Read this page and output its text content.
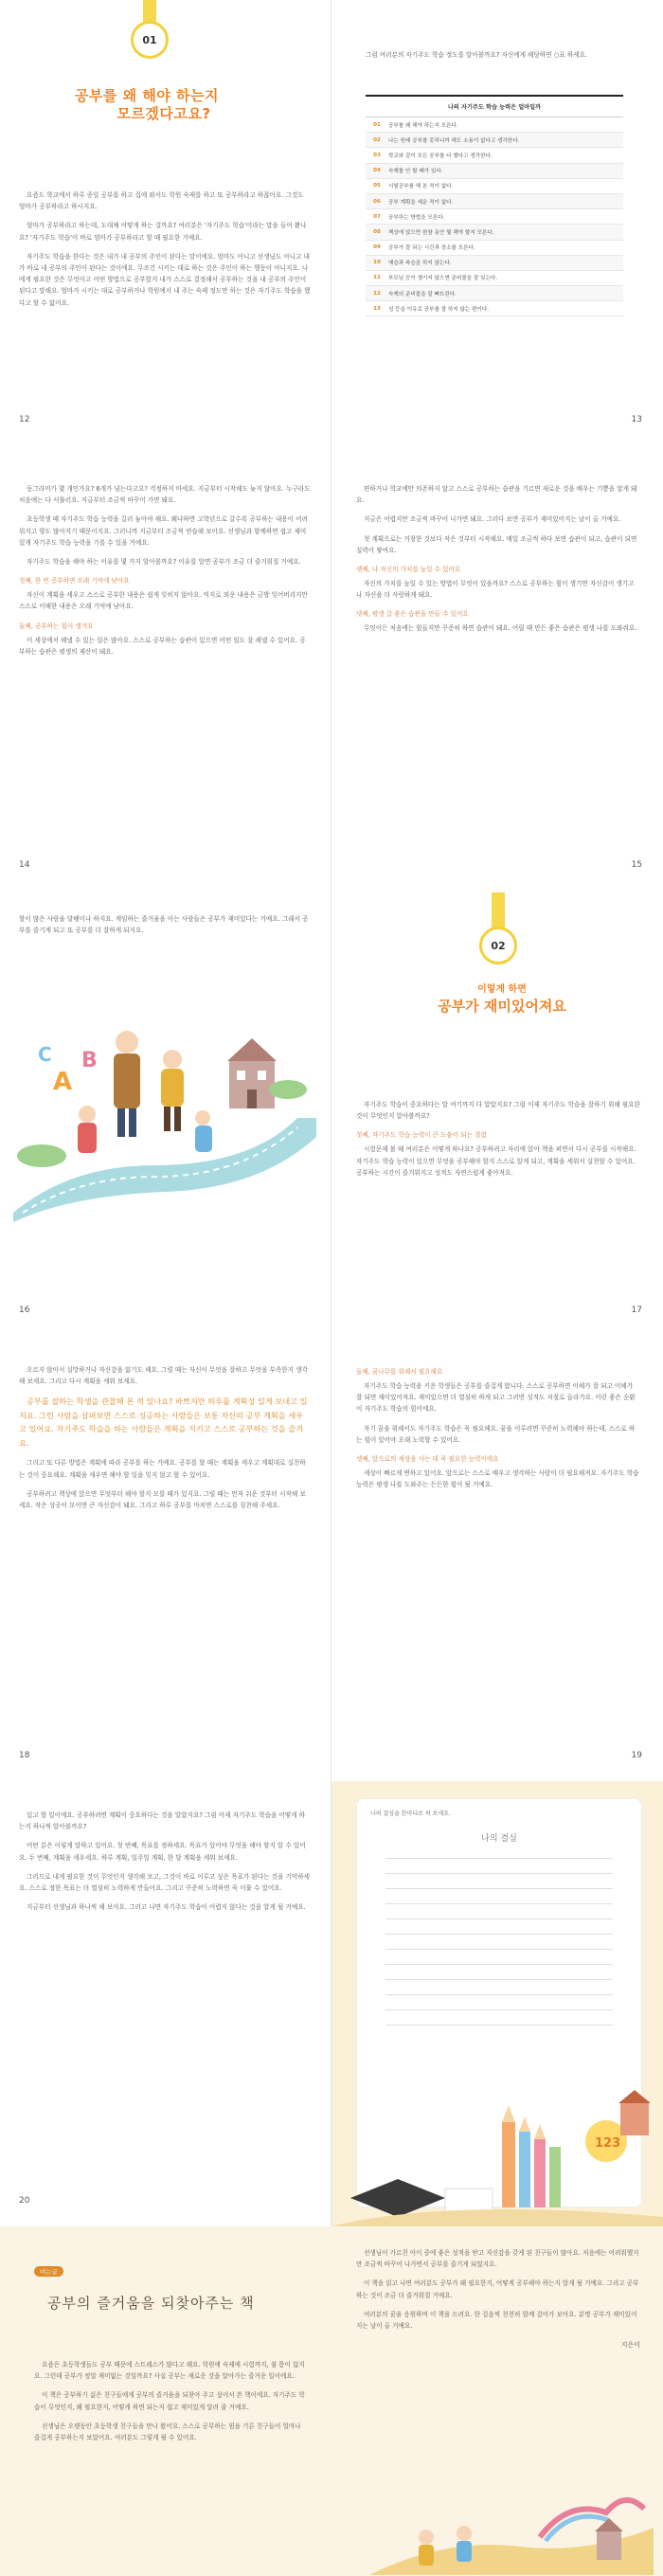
01
공부를 왜 해야 하는지
모르겠다고요?

요즘도 학교에서 하루 종일 공부를 하고 집에 와서도 학원 숙제를 하고 또 공부하라고 하잖아요. 그것도 엄마가 공부하라고 하시지요.

엄마가 공부하라고 하는데, 도대체 어떻게 하는 걸까요? 여러분은 '자기주도 학습'이라는 말을 들어 봤나요? '자기주도 학습'이 바로 엄마가 공부하라고 할 때 필요한 거예요.

자기주도 학습을 한다는 것은 내가 내 공부의 주인이 된다는 말이에요. 엄마도 아니고 선생님도 아니고 내가 바로 내 공부의 주인이 된다는 것이에요. 무조건 시키는 대로 하는 것은 주인이 하는 행동이 아니지요. 나에게 필요한 것은 무엇이고 어떤 방법으로 공부할지 내가 스스로 결정해서 공부하는 것을 내 공부의 주인이 된다고 말해요. 엄마가 시키는 대로 공부하거나 학원에서 내 주는 숙제 정도만 하는 것은 자기주도 학습을 했다고 할 수 없어요.

12
그럼 여러분의 자기주도 학습 정도를 알아볼까요? 자신에게 해당하면 ○표 하세요.
나의 자기주도 학습 능력은 얼마일까
01	공부를 왜 해야 하는지 모른다.
02	나는 원래 공부를 못하니까 해도 소용이 없다고 생각한다.
03	학교와 같이 모든 공부를 다 했다고 생각한다.
04	숙제를 안 할 때가 있다.
05	시험공부를 해 본 적이 없다.
06	공부 계획을 세운 적이 없다.
07	공부하는 방법을 모른다.
08	책상에 앉으면 한참 동안 뭘 해야 할지 모른다.
09	공부가 잘 되는 시간과 장소를 모른다.
10	예습과 복습을 하지 않는다.
11	부모님 등이 챙기지 않으면 준비물을 잘 잊는다.
12	숙제의 준비물을 잘 빠뜨린다.
13	성 등을 이유로 공부를 잘 하지 않는 편이다.
13

동그라미가 몇 개인가요? 6개가 넘는다고요? 걱정하지 마세요. 지금부터 시작해도 늦지 않아요. 누구라도 처음에는 다 서툴러요. 지금부터 조금씩 바꾸어 가면 돼요.

초등학생 때 자기주도 학습 능력을 길러 놓아야 해요. 왜냐하면 고학년으로 갈수록 공부하는 내용이 어려워지고 양도 많아지기 때문이지요. 그러니까 지금부터 조금씩 연습해 보아요. 선생님과 함께하면 쉽고 재미있게 자기주도 학습 능력을 기를 수 있을 거예요.

자기주도 학습을 해야 하는 이유를 몇 가지 알아볼까요? 이유를 알면 공부가 조금 더 즐거워질 거예요.

첫째, 한 번 공부하면 오래 기억에 남아요

자신이 계획을 세우고 스스로 공부한 내용은 쉽게 잊히지 않아요. 억지로 외운 내용은 금방 잊어버리지만 스스로 이해한 내용은 오래 기억에 남아요.

둘째, 공부하는 힘이 생겨요

이 세상에서 해낼 수 있는 일은 많아요. 스스로 공부하는 습관이 있으면 어떤 일도 잘 해낼 수 있어요. 공부하는 습관은 평생의 재산이 돼요.

14

편하거나 학교에만 의존하지 않고 스스로 공부하는 습관을 기르면 새로운 것을 배우는 기쁨을 알게 돼요.

지금은 어렵지만 조금씩 바꾸어 나가면 돼요. 그러다 보면 공부가 재미있어지는 날이 올 거예요.

첫 계획으로는 거창한 것보다 작은 것부터 시작해요. 매일 조금씩 하다 보면 습관이 되고, 습관이 되면 실력이 쌓여요.

셋째, 나 자신의 가치를 높일 수 있어요

자신의 가치를 높일 수 있는 방법이 무엇이 있을까요? 스스로 공부하는 힘이 생기면 자신감이 생기고 나 자신을 더 사랑하게 돼요.

넷째, 평생 갈 좋은 습관을 만들 수 있어요

무엇이든 처음에는 힘들지만 꾸준히 하면 습관이 돼요. 어릴 때 만든 좋은 습관은 평생 나를 도와줘요.

15
할이 많은 사람을 달팽이나 하지요. 게임하는 즐거움을 아는 사람들은 공부가 재미있다는 거예요. 그래서 공부를 즐기게 되고 또 공부를 더 잘하게 되지요.
A
B
C
16
02
이렇게 하면
공부가 재미있어져요

자기주도 학습이 중요하다는 말 여기까지 다 알았지요? 그럼 이제 자기주도 학습을 잘하기 위해 필요한 것이 무엇인지 알아볼까요?

첫째, 자기주도 학습 능력이 큰 도움이 되는 경험

시험문제 볼 때 여러분은 어떻게 하나요? 공부하려고 자리에 앉아 책을 펴면서 다시 공부를 시작해요. 자기주도 학습 능력이 있으면 무엇을 공부해야 할지 스스로 알게 되고, 계획을 세워서 실천할 수 있어요. 공부하는 시간이 즐거워지고 성적도 자연스럽게 좋아져요.

17

오르지 않아서 실망하거나 자신감을 잃기도 해요. 그럴 때는 자신이 무엇을 잘하고 무엇을 부족한지 생각해 보세요. 그리고 다시 계획을 세워 보세요.

공부를 잘하는 학생을 관찰해 본 적 있나요? 바쁘지만 하루를 계획성 있게 보내고 있지요. 그런 사람을 살펴보면 스스로 성공하는 사람들은 보통 자신의 공부 계획을 세우고 있어요. 자기주도 학습을 하는 사람들은 계획을 지키고 스스로 공부하는 것을 즐겨요.

그리고 또 다른 방법은 계획에 따라 공부를 하는 거예요. 공부를 할 때는 계획을 세우고 계획대로 실천하는 것이 중요해요. 계획을 세우면 해야 할 일을 잊지 않고 할 수 있어요.

공부하려고 책상에 앉으면 무엇부터 해야 할지 모를 때가 있지요. 그럴 때는 먼저 쉬운 것부터 시작해 보세요. 작은 성공이 모이면 큰 자신감이 돼요. 그리고 하루 공부를 마치면 스스로를 칭찬해 주세요.

18
둘째, 꿈나무를 위해서 필요해요

자기주도 학습 능력을 키운 학생들은 공부를 즐겁게 합니다. 스스로 공부하면 이해가 잘 되고 이해가 잘 되면 재미있어져요. 재미있으면 더 열심히 하게 되고 그러면 성적도 저절로 올라가요. 이런 좋은 순환이 자기주도 학습의 힘이에요.

자기 꿈을 위해서도 자기주도 학습은 꼭 필요해요. 꿈을 이루려면 꾸준히 노력해야 하는데, 스스로 하는 힘이 있어야 오래 노력할 수 있어요.

셋째, 앞으로의 세상을 사는 데 꼭 필요한 능력이에요

세상이 빠르게 변하고 있어요. 앞으로는 스스로 배우고 생각하는 사람이 더 필요해져요. 자기주도 학습 능력은 평생 나를 도와주는 든든한 힘이 될 거예요.

19

있고 할 일이에요. 공부하려면 계획이 중요하다는 것을 알았지요? 그럼 이제 자기주도 학습을 어떻게 하는지 하나씩 알아볼까요?

어떤 분은 이렇게 말하고 있어요. 첫 번째, 목표를 정하세요. 목표가 있어야 무엇을 해야 할지 알 수 있어요. 두 번째, 계획을 세우세요. 하루 계획, 일주일 계획, 한 달 계획을 세워 보세요.

그러므로 내게 필요한 것이 무엇인지 생각해 보고, 그것이 바로 이루고 싶은 목표가 된다는 것을 기억하세요. 스스로 정한 목표는 더 열심히 노력하게 만들어요. 그리고 꾸준히 노력하면 꼭 이룰 수 있어요.

지금부터 선생님과 하나씩 해 보아요. 그러고 나면 자기주도 학습이 어렵지 않다는 것을 알게 될 거예요.

20
나의 결심을 한마디로 써 보세요.
나의 결심
123
여는글
공부의 즐거움을 되찾아주는 책

요즘은 초등학생들도 공부 때문에 스트레스가 많다고 해요. 학원에 숙제에 시험까지, 쉴 틈이 없지요. 그런데 공부가 정말 재미없는 것일까요? 사실 공부는 새로운 것을 알아가는 즐거운 일이에요.

이 책은 공부하기 싫은 친구들에게 공부의 즐거움을 되찾아 주고 싶어서 쓴 책이에요. 자기주도 학습이 무엇인지, 왜 필요한지, 어떻게 하면 되는지 쉽고 재미있게 알려 줄 거예요.

선생님은 오랫동안 초등학생 친구들을 만나 왔어요. 스스로 공부하는 힘을 기른 친구들이 얼마나 즐겁게 공부하는지 보았어요. 여러분도 그렇게 될 수 있어요.

선생님이 가르친 아이 중에 좋은 성적을 받고 자신감을 갖게 된 친구들이 많아요. 처음에는 어려워했지만 조금씩 바꾸어 나가면서 공부를 즐기게 되었지요.

이 책을 읽고 나면 여러분도 공부가 왜 필요한지, 어떻게 공부해야 하는지 알게 될 거예요. 그리고 공부하는 것이 조금 더 즐거워질 거예요.

여러분의 꿈을 응원하며 이 책을 드려요. 한 걸음씩 천천히 함께 걸어가 보아요. 분명 공부가 재미있어지는 날이 올 거예요.

지은이
